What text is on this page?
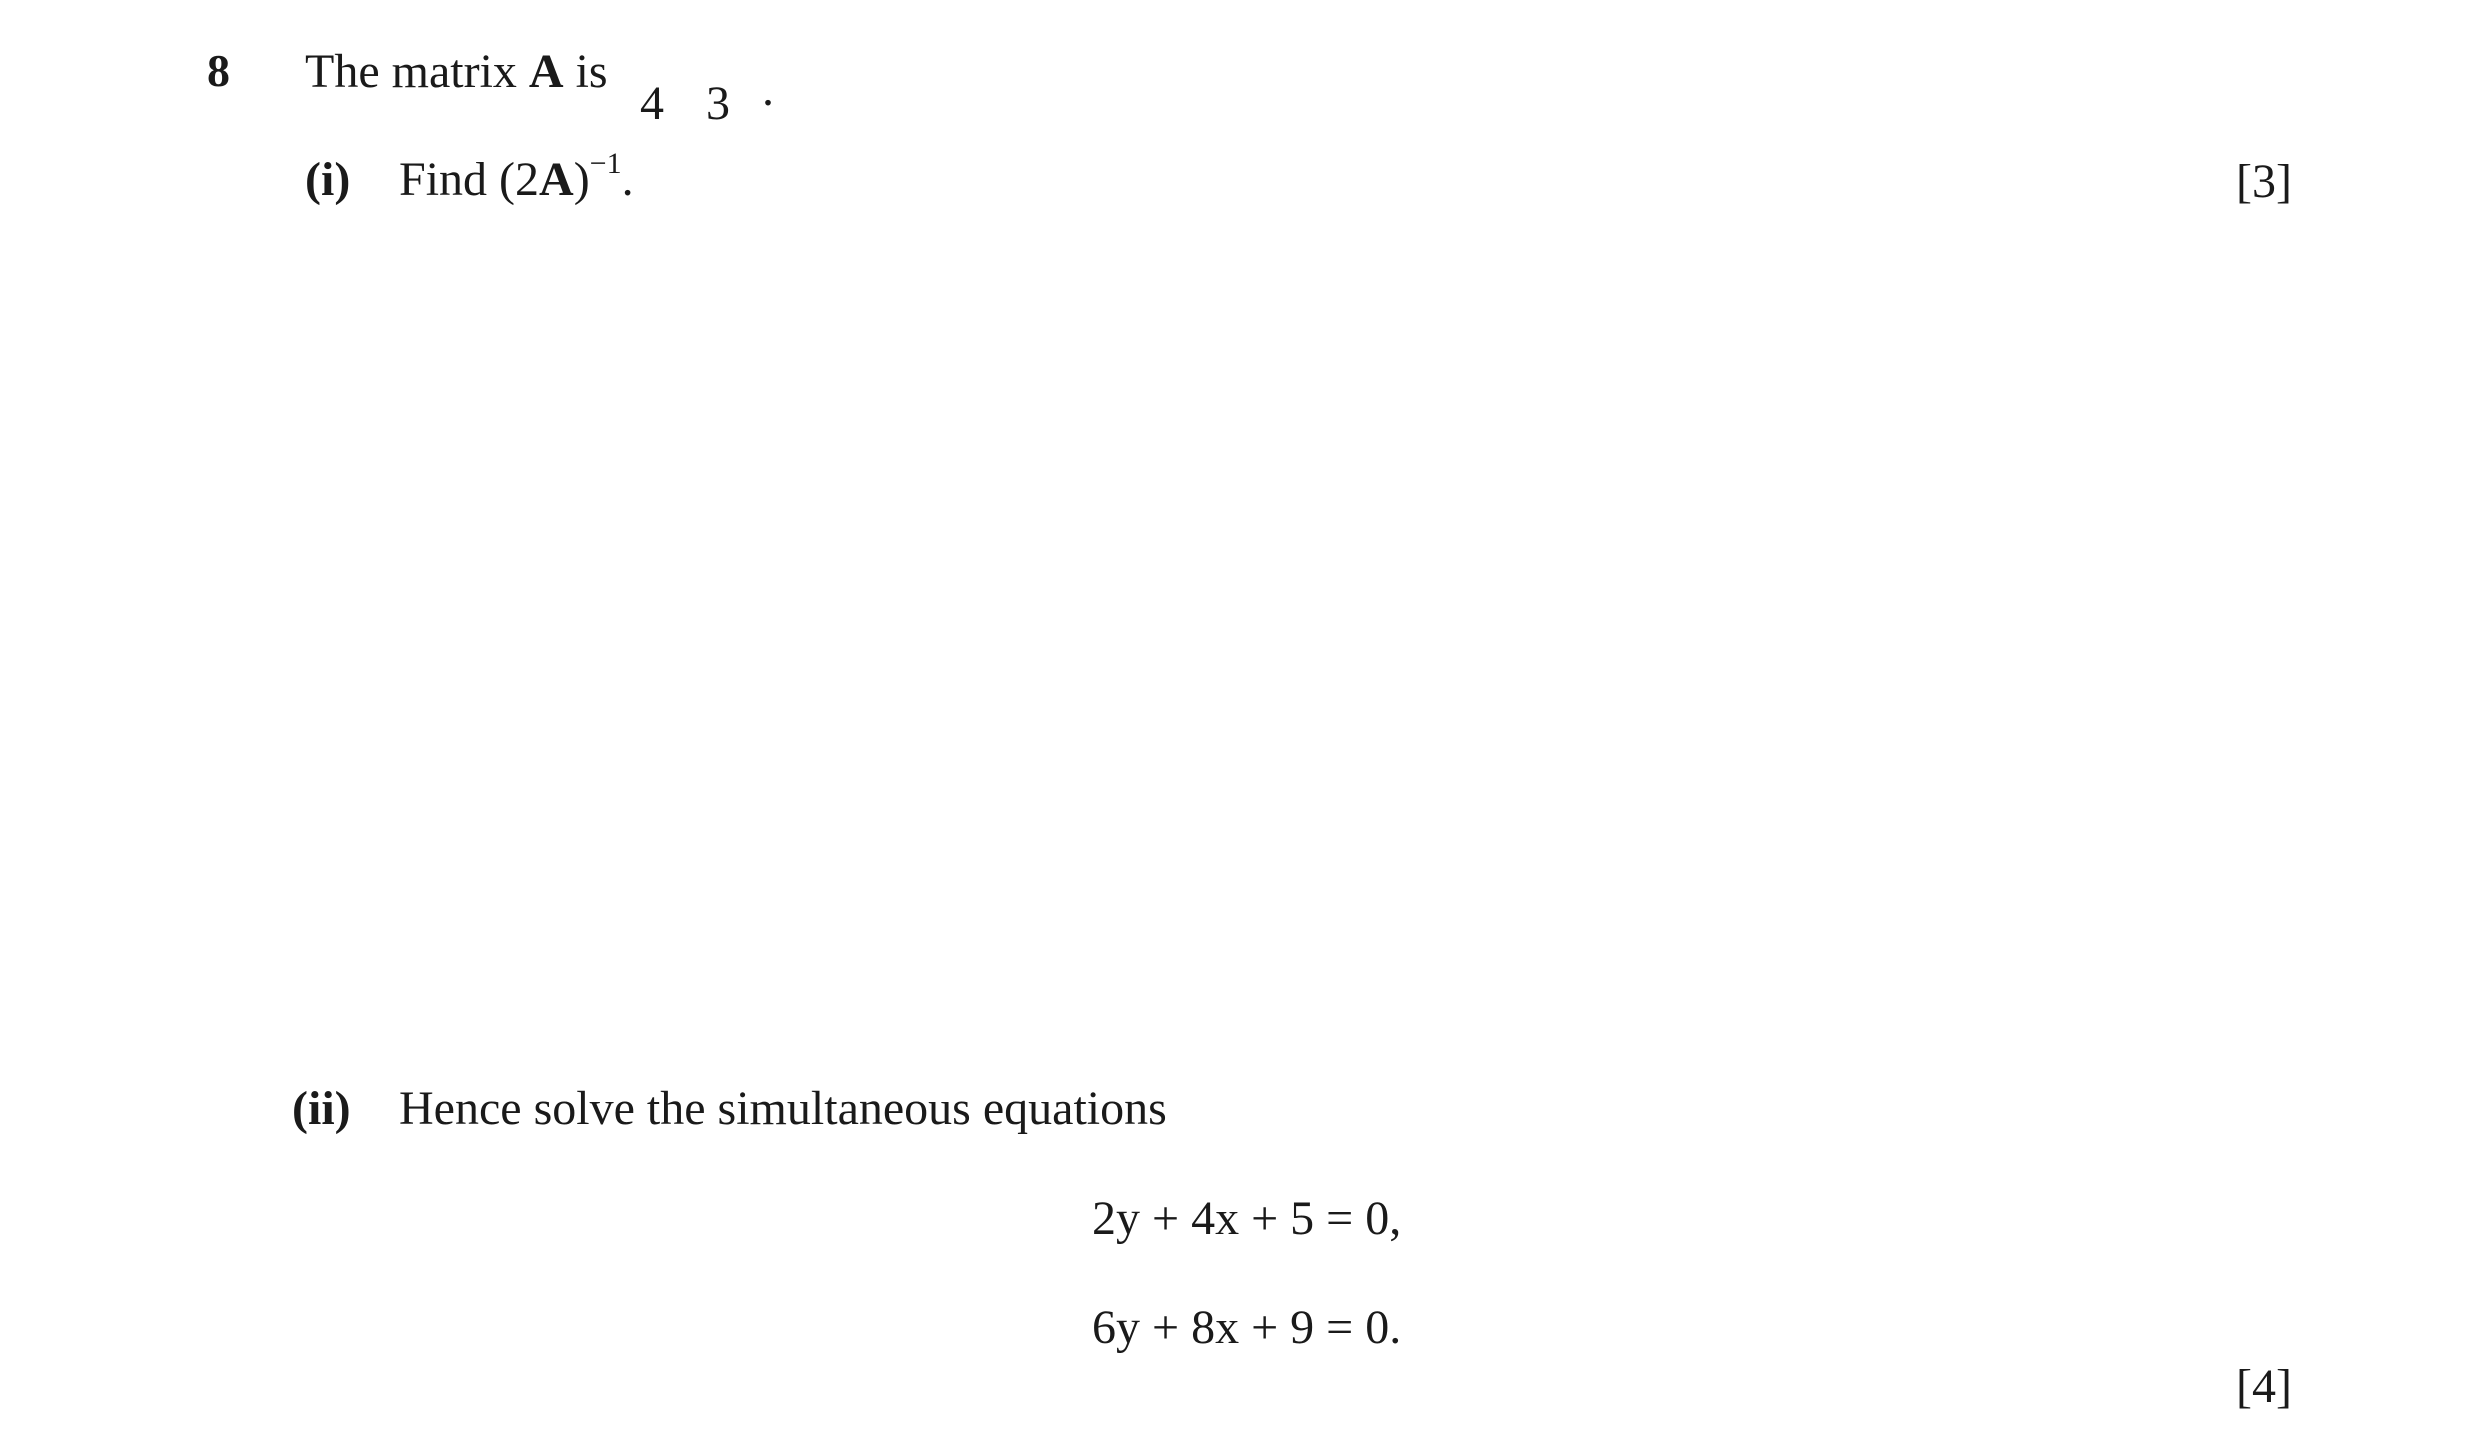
8 The matrix A is
4 3 .
(i) Find $(2A)^{-1}$.	[3]
(ii) Hence solve the simultaneous equations
2y + 4x + 5 = 0,
6y + 8x + 9 = 0.
[4]
